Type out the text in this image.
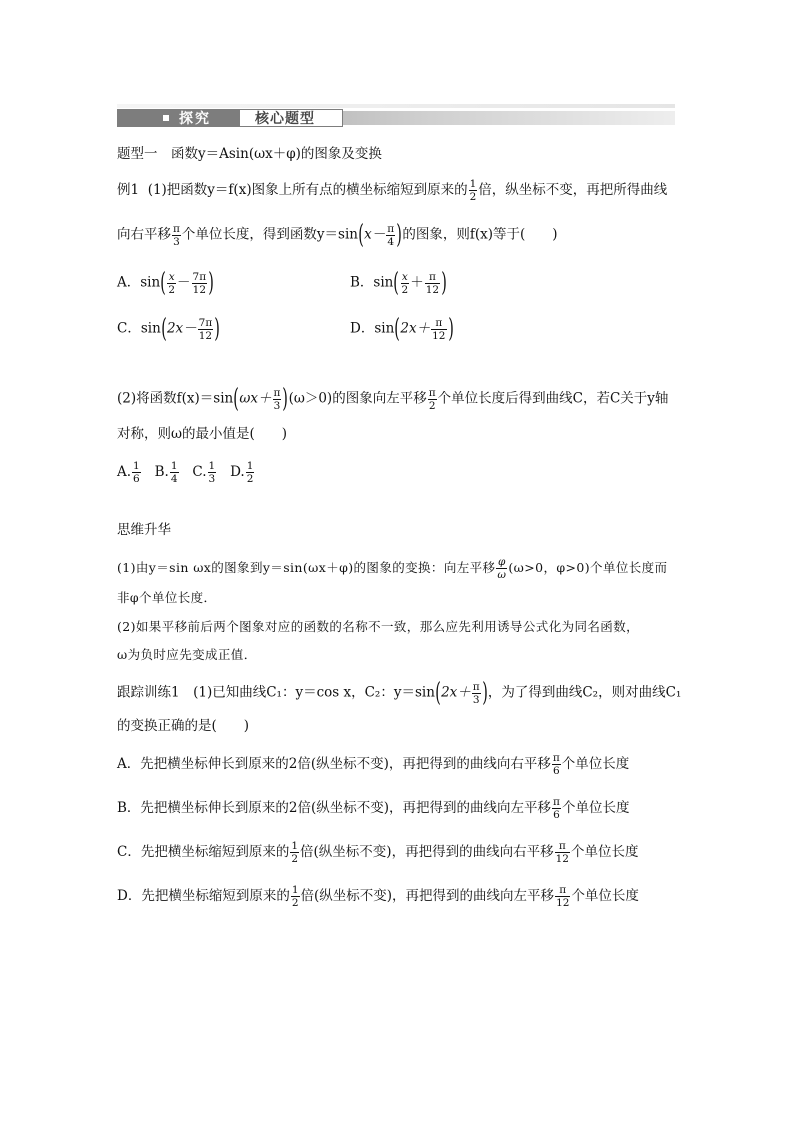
探究	核心题型
题型一　函数y＝Asin(ωx＋φ)的图象及变换
例1 (1)把函数y＝f(x)图象上所有点的横坐标缩短到原来的 $\frac{1}{2}$ 倍，纵坐标不变，再把所得曲线
向右平移 $\frac{\pi}{3}$ 个单位长度，得到函数$y=\sin(x- \frac{\pi}{4}$ )的图象，则f(x)等于(　　)
A．$\sin( \frac{x}{2} - \frac{7\pi}{12}$ )	B．$\sin( \frac{x}{2} + \frac{\pi}{12}$ )
C．$\sin(2x- \frac{7\pi}{12}$ )	D．$\sin(2x+ \frac{\pi}{12}$ )
(2)将函数$f(x)=\sin(\omega x+ \frac{\pi}{3} )(\omega>0)$的图象向左平移 $\frac{\pi}{2}$ 个单位长度后得到曲线C，若C关于y轴
对称，则ω的最小值是(　　)
A. $\frac{1}{6} B$. $\frac{1}{4} C$. $\frac{1}{3} D$. $\frac{1}{2}$
思维升华
(1)由y＝sin ωx的图象到y＝sin(ωx＋φ)的图象的变换：向左平移 $\frac{\varphi}{\omega} (\omega>0$，φ>0)个单位长度而
非φ个单位长度．
(2)如果平移前后两个图象对应的函数的名称不一致，那么应先利用诱导公式化为同名函数，
ω为负时应先变成正值．
跟踪训练1　(1)已知曲线C₁：y＝cos x，C₂：$y=\sin(2x+ \frac{\pi}{3}$ )，为了得到曲线C₂，则对曲线C₁
的变换正确的是(　　)
A．先把横坐标伸长到原来的2倍(纵坐标不变)，再把得到的曲线向右平移 $\frac{\pi}{6}$ 个单位长度
B．先把横坐标伸长到原来的2倍(纵坐标不变)，再把得到的曲线向左平移 $\frac{\pi}{6}$ 个单位长度
C．先把横坐标缩短到原来的 $\frac{1}{2}$ 倍(纵坐标不变)，再把得到的曲线向右平移 $\frac{\pi}{12}$ 个单位长度
D．先把横坐标缩短到原来的 $\frac{1}{2}$ 倍(纵坐标不变)，再把得到的曲线向左平移 $\frac{\pi}{12}$ 个单位长度
